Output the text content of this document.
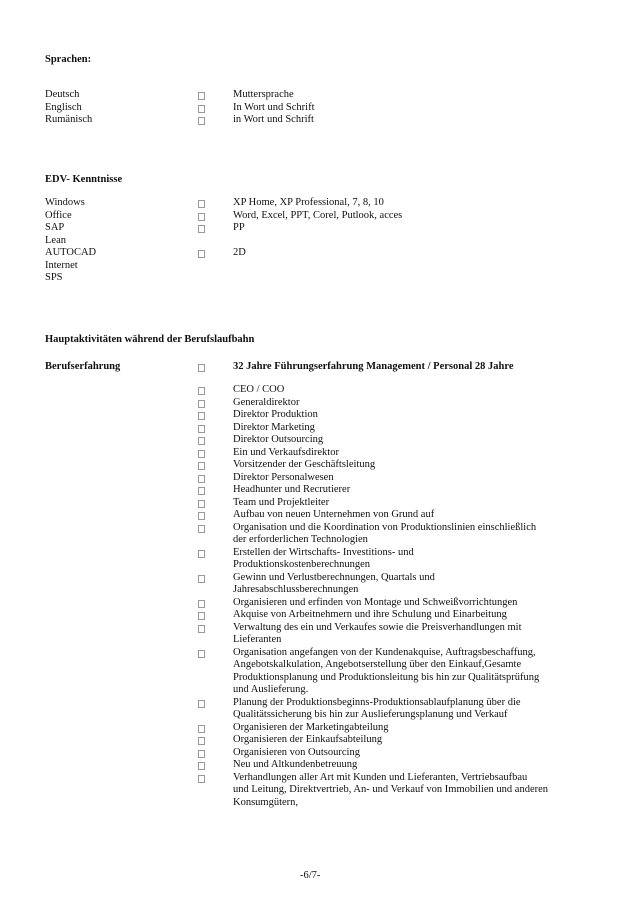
Sprachen:
Deutsch	Muttersprache
Englisch	In Wort und Schrift
Rumänisch	in Wort und Schrift
EDV- Kenntnisse
Windows	XP Home, XP Professional, 7, 8, 10
Office	Word, Excel, PPT, Corel, Putlook, acces
SAP	PP
Lean
AUTOCAD	2D
Internet
SPS
Hauptaktivitäten während der Berufslaufbahn
Berufserfahrung	32 Jahre Führungserfahrung Management / Personal 28 Jahre
CEO / COO
Generaldirektor
Direktor Produktion
Direktor Marketing
Direktor Outsourcing
Ein und Verkaufsdirektor
Vorsitzender der Geschäftsleitung
Direktor Personalwesen
Headhunter und Recrutierer
Team und Projektleiter
Aufbau von neuen Unternehmen von Grund auf
Organisation und die Koordination von Produktionslinien einschließlich
der erforderlichen Technologien
Erstellen der Wirtschafts- Investitions- und
Produktionskostenberechnungen
Gewinn und Verlustberechnungen, Quartals und
Jahresabschlussberechnungen
Organisieren und erfinden von Montage und Schweißvorrichtungen
Akquise von Arbeitnehmern und ihre Schulung und Einarbeitung
Verwaltung des ein und Verkaufes sowie die Preisverhandlungen mit
Lieferanten
Organisation angefangen von der Kundenakquise, Auftragsbeschaffung,
Angebotskalkulation, Angebotserstellung über den Einkauf,Gesamte
Produktionsplanung und Produktionsleitung bis hin zur Qualitätsprüfung
und Auslieferung.
Planung der Produktionsbeginns-Produktionsablaufplanung über die
Qualitätssicherung bis hin zur Auslieferungsplanung und Verkauf
Organisieren der Marketingabteilung
Organisieren der Einkaufsabteilung
Organisieren von Outsourcing
Neu und Altkundenbetreuung
Verhandlungen aller Art mit Kunden und Lieferanten, Vertriebsaufbau
und Leitung, Direktvertrieb, An- und Verkauf von Immobilien und anderen
Konsumgütern,
-6/7-
